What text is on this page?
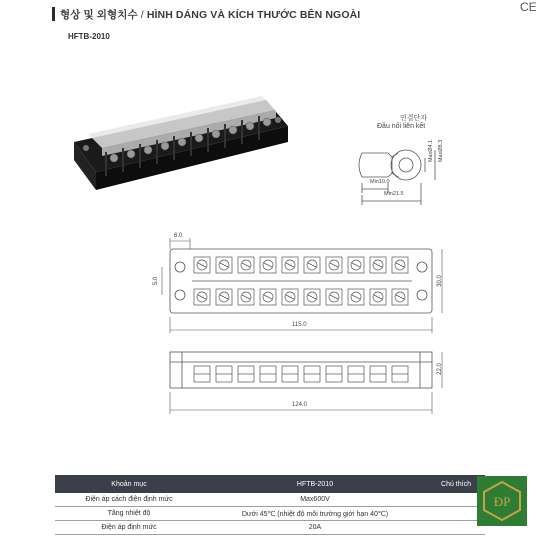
형상 및 외형치수 / HÌNH DÁNG VÀ KÍCH THƯỚC BÊN NGOÀI
CE
HFTB-2010
연결단자
Đầu nối liên kết
Min10.0
Min21.5
MaxØ4.1 MaxØ8.3
6.0
5.0	30.0
115.0
22.0
124.0
Khoản mục	HFTB-2010	Chú thích
Điện áp cách điện định mức	Max600V	
Tăng nhiệt độ	Dưới 45℃ (nhiệt độ môi trường giới hạn 40℃)	
Điện áp định mức	20A	
ĐP
